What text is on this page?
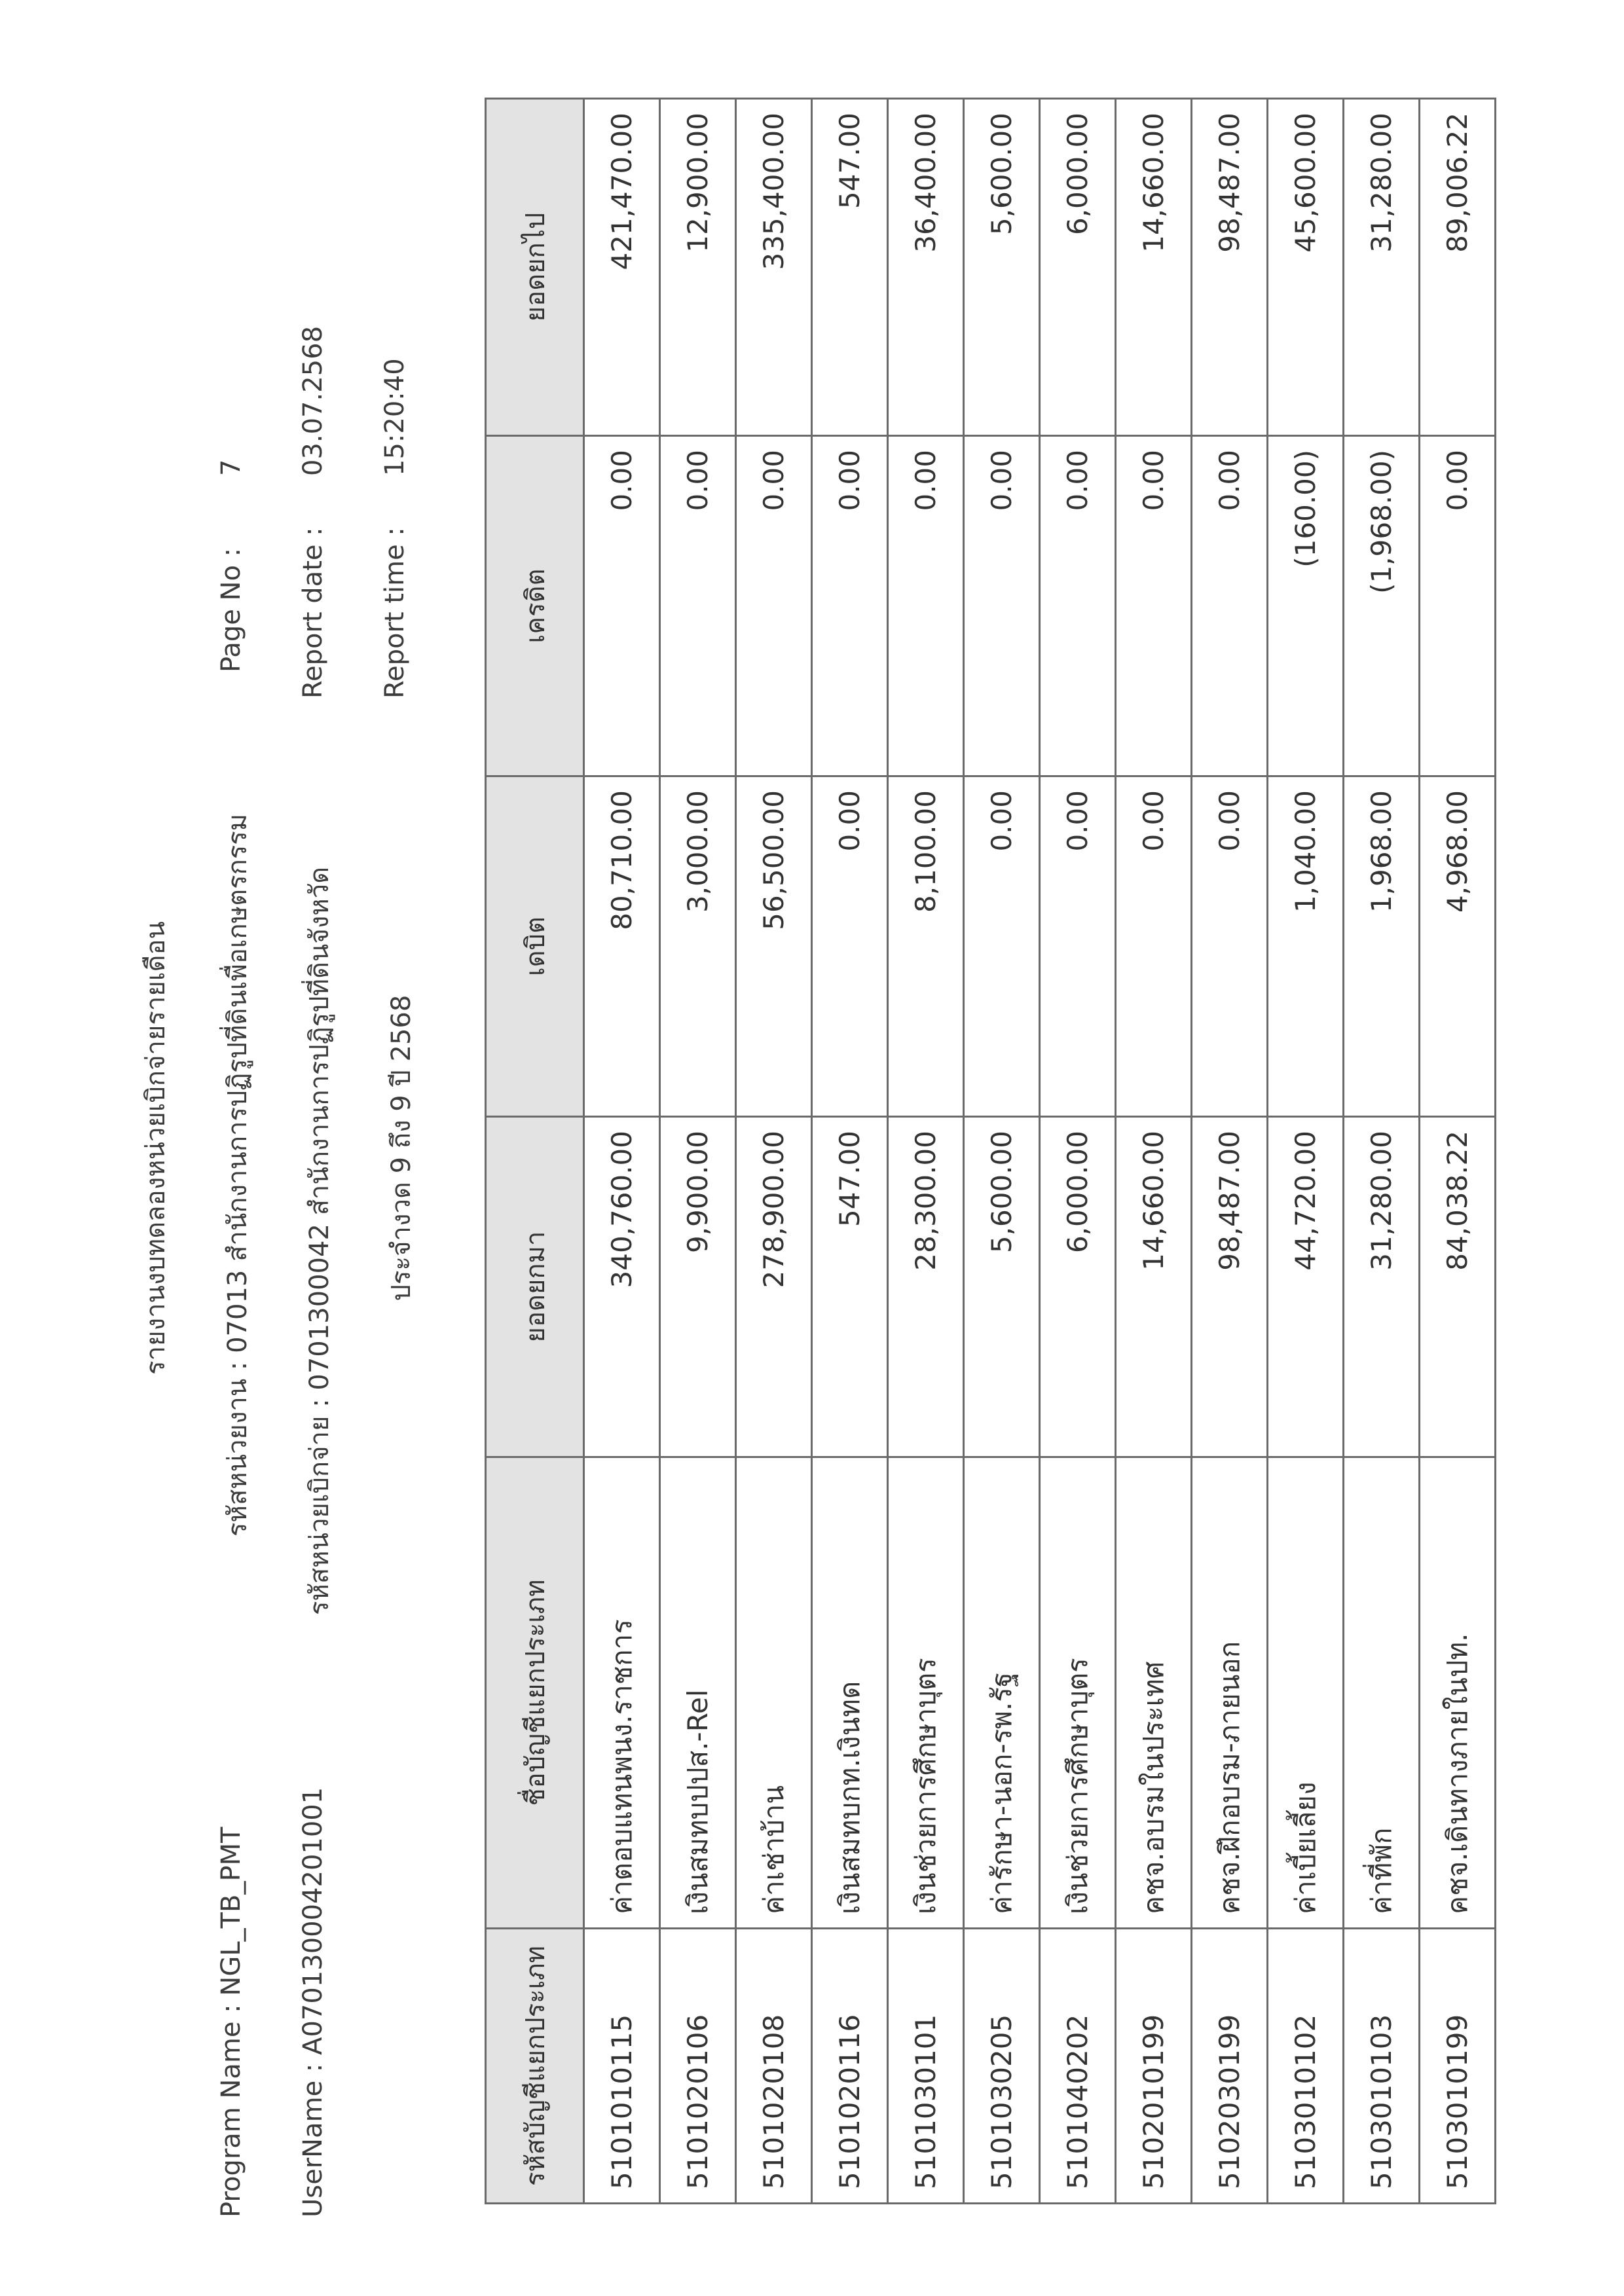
รายงานงบทดลองหน่วยเบิกจ่ายรายเดือน
Program Name : NGL_TB_PMT
รหัสหน่วยงาน : 07013 สำนักงานการปฏิรูปที่ดินเพื่อเกษตรกรรม
Page No :
7
UserName : A070130004201001
รหัสหน่วยเบิกจ่าย : 0701300042 สำนักงานการปฏิรูปที่ดินจังหวัด
Report date :
03.07.2568
ประจำงวด 9 ถึง 9 ปี 2568
Report time :
15:20:40
รหัสบัญชีแยกประเภท	ชื่อบัญชีแยกประเภท	ยอดยกมา	เดบิต	เครดิต	ยอดยกไป
5101010115	ค่าตอบแทนพนง.ราชการ	340,760.00	80,710.00	0.00	421,470.00
5101020106	เงินสมทบปปส.-Rel	9,900.00	3,000.00	0.00	12,900.00
5101020108	ค่าเช่าบ้าน	278,900.00	56,500.00	0.00	335,400.00
5101020116	เงินสมทบกท.เงินทด	547.00	0.00	0.00	547.00
5101030101	เงินช่วยการศึกษาบุตร	28,300.00	8,100.00	0.00	36,400.00
5101030205	ค่ารักษา-นอก-รพ.รัฐ	5,600.00	0.00	0.00	5,600.00
5101040202	เงินช่วยการศึกษาบุตร	6,000.00	0.00	0.00	6,000.00
5102010199	คชจ.อบรมในประเทศ	14,660.00	0.00	0.00	14,660.00
5102030199	คชจ.ฝึกอบรม-ภายนอก	98,487.00	0.00	0.00	98,487.00
5103010102	ค่าเบี้ยเลี้ยง	44,720.00	1,040.00	(160.00)	45,600.00
5103010103	ค่าที่พัก	31,280.00	1,968.00	(1,968.00)	31,280.00
5103010199	คชจ.เดินทางภายในปท.	84,038.22	4,968.00	0.00	89,006.22
